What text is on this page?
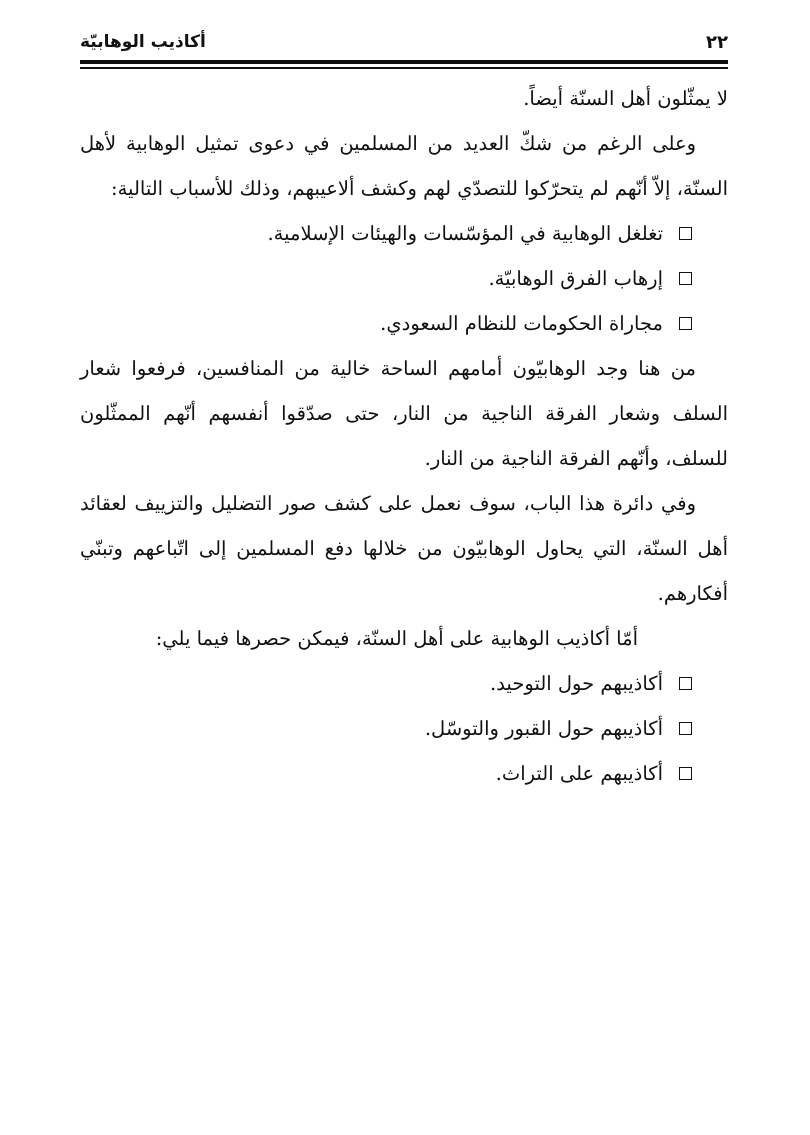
٢٢
أكاذيب الوهابيّة

لا يمثّلون أهل السنّة أيضاً.

وعلى الرغم من شكّ العديد من المسلمين في دعوى تمثيل الوهابية لأهل السنّة، إلاّ أنّهم لم يتحرّكوا للتصدّي لهم وكشف ألاعيبهم، وذلك للأسباب التالية:

تغلغل الوهابية في المؤسّسات والهيئات الإسلامية.
إرهاب الفرق الوهابيّة.
مجاراة الحكومات للنظام السعودي.

من هنا وجد الوهابيّون أمامهم الساحة خالية من المنافسين، فرفعوا شعار السلف وشعار الفرقة الناجية من النار، حتى صدّقوا أنفسهم أنّهم الممثّلون للسلف، وأنّهم الفرقة الناجية من النار.

وفي دائرة هذا الباب، سوف نعمل على كشف صور التضليل والتزييف لعقائد أهل السنّة، التي يحاول الوهابيّون من خلالها دفع المسلمين إلى اتّباعهم وتبنّي أفكارهم.

أمّا أكاذيب الوهابية على أهل السنّة، فيمكن حصرها فيما يلي:

أكاذيبهم حول التوحيد.
أكاذيبهم حول القبور والتوسّل.
أكاذيبهم على التراث.
